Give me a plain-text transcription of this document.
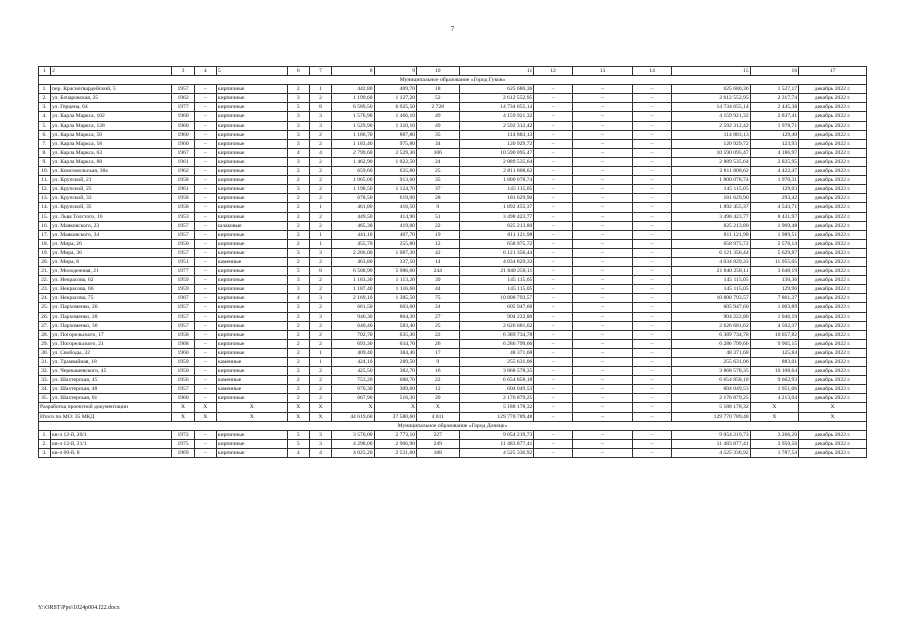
7
1	2	3	4	5	6	7	8	9	10	11	12	13	14	15	16	17
Муниципальное образование «Город Гуков»																
1.	пер. Красногвардейский, 5	1957	–	кирпичные	2	1	442,80	409,70	18	625 680,36	–	–	–	625 680,36	1 527,17	декабрь 2022 г.
2.	ул. Бочаровская, 25	1962	–	кирпичные	3	2	1 199,60	1 127,20	52	2 612 552,95	–	–	–	2 612 552,95	2 317,74	декабрь 2022 г.
3.	ул. Герцена, 64	1977	–	кирпичные	5	8	6 589,50	6 025,50	2 728	14 734 655,14	–	–	–	14 734 655,14	2 445,38	декабрь 2022 г.
4.	ул. Карла Маркса, 102	1960	–	кирпичные	3	3	1 576,90	1 466,10	49	4 159 921,32	–	–	–	4 159 921,32	2 837,41	декабрь 2022 г.
5.	ул. Карла Маркса, 128	1960	–	кирпичные	3	3	1 529,90	1 310,10	49	2 592 312,42	–	–	–	2 592 312,42	1 978,71	декабрь 2022 г.
6.	ул. Карла Маркса, 56	1960	–	кирпичные	3	2	1 186,70	887,80	35	114 883,13	–	–	–	114 883,13	129,40	декабрь 2022 г.
7.	ул. Карла Маркса, 58	1960	–	кирпичные	3	2	1 183,40	975,80	34	120 929,72	–	–	–	120 929,72	123,93	декабрь 2022 г.
8.	ул. Карла Маркса, 63	1967	–	кирпичные	4	4	2 799,60	2 529,30	106	10 590 095,47	–	–	–	10 590 095,47	4 186,97	декабрь 2022 г.
9.	ул. Карла Маркса, 88	1961	–	кирпичные	3	2	1 462,90	1 022,50	24	2 889 535,64	–	–	–	2 889 535,64	2 825,95	декабрь 2022 г.
10.	ул. Комсомольская, 38а	1962	–	кирпичные	2	2	659,60	635,80	25	2 811 808,62	–	–	–	2 811 808,62	4 422,47	декабрь 2022 г.
11.	ул. Крупской, 21	1958	–	кирпичные	2	2	1 065,00	913,60	35	1 800 078,74	–	–	–	1 800 078,74	1 970,31	декабрь 2022 г.
12.	ул. Крупской, 25	1961	–	кирпичные	3	2	1 198,50	1 124,70	37	145 115,05	–	–	–	145 115,05	129,03	декабрь 2022 г.
13.	ул. Крупской, 33	1958	–	кирпичные	2	2	678,50	619,00	28	181 629,90	–	–	–	181 629,90	293,42	декабрь 2022 г.
14.	ул. Крупской, 35	1958	–	кирпичные	2	1	461,80	416,50	9	1 892 455,37	–	–	–	1 892 455,37	4 543,71	декабрь 2022 г.
15.	ул. Льва Толстого, 16	1953	–	кирпичные	2	2	449,50	414,90	51	3 498 423,77	–	–	–	3 498 423,77	8 431,97	декабрь 2022 г.
16.	ул. Маяковского, 23	1957	–	шлаковые	2	2	465,30	419,00	22	825 213,80	–	–	–	825 213,80	1 969,48	декабрь 2022 г.
17.	ул. Маяковского, 34	1957	–	кирпичные	2	1	441,10	407,70	19	811 121,98	–	–	–	811 121,98	1 989,51	декабрь 2022 г.
18.	ул. Мира, 26	1950	–	кирпичные	2	1	455,70	255,80	12	658 975,72	–	–	–	658 975,72	2 576,14	декабрь 2022 г.
19.	ул. Мира, 36	1957	–	кирпичные	3	3	2 266,00	1 087,30	42	6 121 356,44	–	–	–	6 121 356,44	5 629,87	декабрь 2022 г.
20.	ул. Мира, 8	1951	–	каменные	2	2	463,80	337,50	14	4 034 829,33	–	–	–	4 034 829,33	11 955,05	декабрь 2022 г.
21.	ул. Молодежная, 21	1977	–	кирпичные	5	8	6 508,90	5 986,60	244	21 840 258,11	–	–	–	21 840 258,11	3 648,19	декабрь 2022 г.
22.	ул. Некрасова, 62	1959	–	кирпичные	3	2	1 183,30	1 113,20	39	145 115,05	–	–	–	145 115,05	130,36	декабрь 2022 г.
23.	ул. Некрасова, 66	1959	–	кирпичные	3	2	1 187,40	1 116,60	44	145 115,05	–	–	–	145 115,05	129,96	декабрь 2022 г.
24.	ул. Некрасова, 75	1967	–	кирпичные	4	3	2 169,10	1 385,50	75	10 808 793,57	–	–	–	10 808 793,57	7 801,37	декабрь 2022 г.
25.	ул. Пархоменко, 26	1957	–	кирпичные	2	2	661,50	603,60	24	605 947,60	–	–	–	605 947,60	1 003,89	декабрь 2022 г.
26.	ул. Пархоменко, 28	1957	–	кирпичные	2	3	946,30	864,30	27	904 222,80	–	–	–	904 222,80	1 046,19	декабрь 2022 г.
27.	ул. Пархоменко, 30	1957	–	кирпичные	2	2	640,40	583,40	25	2 626 681,62	–	–	–	2 626 681,62	4 502,37	декабрь 2022 г.
28.	ул. Погорельского, 17	1958	–	кирпичные	2	2	702,70	635,30	22	6 389 734,78	–	–	–	6 389 734,78	10 057,82	декабрь 2022 г.
29.	ул. Погорельского, 21	1968	–	кирпичные	2	2	693,30	634,70	26	6 286 799,66	–	–	–	6 286 799,66	9 905,15	декабрь 2022 г.
30.	ул. Свободы, 32	1960	–	кирпичные	2	1	409,40	384,40	17	48 371,68	–	–	–	48 371,68	125,84	декабрь 2022 г.
31.	ул. Трамвайная, 18	1959	–	каменные	2	1	424,10	289,50	9	255 631,06	–	–	–	255 631,06	883,01	декабрь 2022 г.
32.	ул. Чернышевского, 45	1950	–	кирпичные	2	2	425,50	382,70	16	3 868 578,35	–	–	–	3 868 578,35	10 108,64	декабрь 2022 г.
33.	ул. Шахтерская, 45	1956	–	каменные	2	2	753,20	688,70	22	6 654 858,18	–	–	–	6 654 858,18	9 662,93	декабрь 2022 г.
34.	ул. Шахтерская, 48	1957	–	каменные	2	2	670,30	309,60	12	604 049,53	–	–	–	604 049,53	1 951,06	декабрь 2022 г.
35.	ул. Шахтерская, 61	1960	–	кирпичные	2	2	667,90	516,30	20	2 176 879,25	–	–	–	2 176 879,25	4 213,04	декабрь 2022 г.
Разработка проектной документации		X	X	X	X	X	X	X	X	5 188 178,32	–	–	–	5 188 178,32	X	X
Итого по МО: 35 МКД		X	X	X	X	X	44 619,60	37 580,60	4 011	129 770 789,48	–	–	–	129 770 789,48	X	X
Муниципальное образование «Город Донецк»																
1.	кв-л 12-й, 20/1	1972	–	кирпичные	5	3	3 576,00	2 773,10	227	9 054 219,73	–	–	–	9 054 219,73	3 266,20	декабрь 2022 г.
2.	кв-л 12-й, 21/1	1975	–	кирпичные	5	3	4 298,00	2 906,90	249	11 483 877,41	–	–	–	11 483 877,41	3 950,56	декабрь 2022 г.
3.	кв-л 60-й, 8	1969	–	кирпичные	4	4	4 025,20	2 531,60	108	4 525 336,92	–	–	–	4 525 336,92	1 787,54	декабрь 2022 г.
Y:\ORST\Ppo\1024p004.f22.docx
